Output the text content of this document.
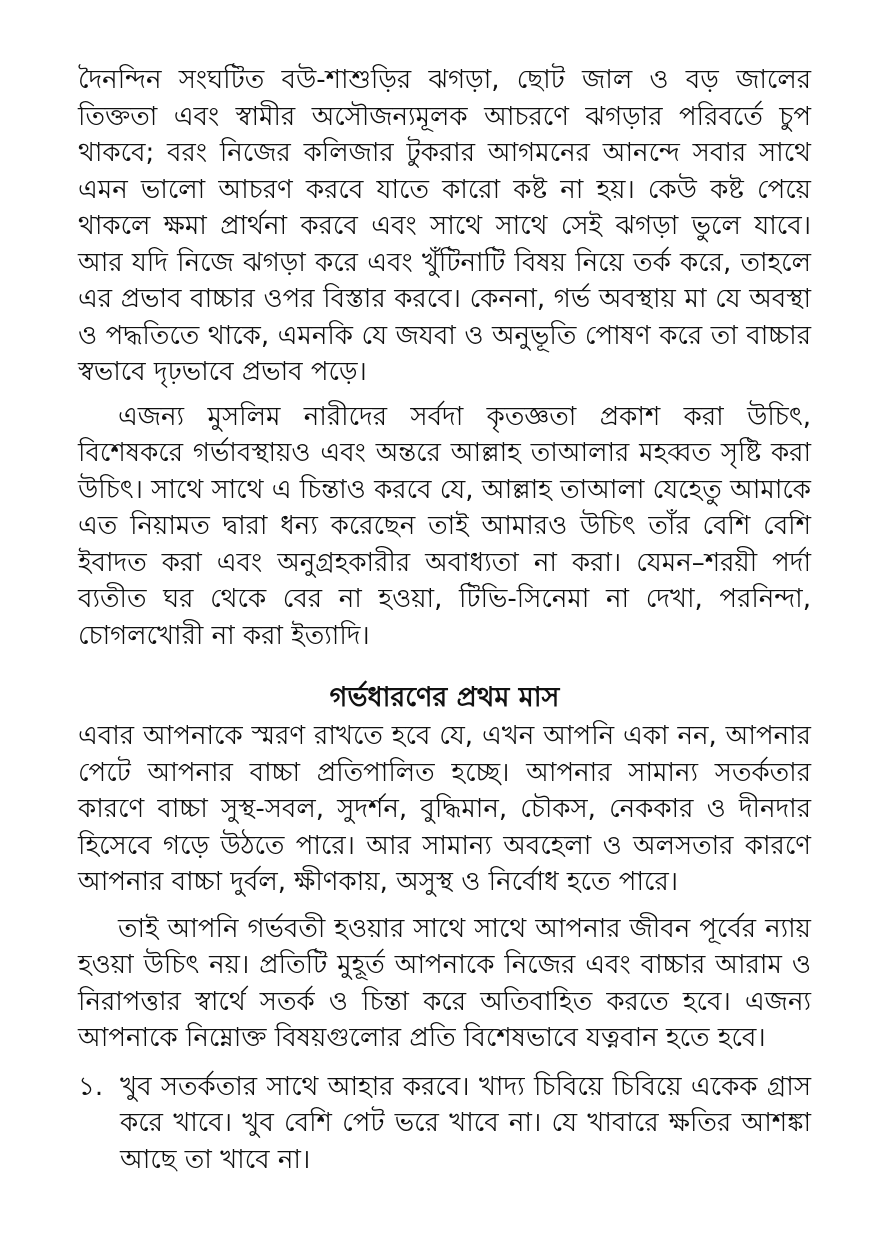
দৈনন্দিন সংঘটিত বউ-শাশুড়ির ঝগড়া, ছোট জাল ও বড় জালের তিক্ততা এবং স্বামীর অসৌজন্যমূলক আচরণে ঝগড়ার পরিবর্তে চুপ থাকবে; বরং নিজের কলিজার টুকরার আগমনের আনন্দে সবার সাথে এমন ভালো আচরণ করবে যাতে কারো কষ্ট না হয়। কেউ কষ্ট পেয়ে থাকলে ক্ষমা প্রার্থনা করবে এবং সাথে সাথে সেই ঝগড়া ভুলে যাবে। আর যদি নিজে ঝগড়া করে এবং খুঁটিনাটি বিষয় নিয়ে তর্ক করে, তাহলে এর প্রভাব বাচ্চার ওপর বিস্তার করবে। কেননা, গর্ভ অবস্থায় মা যে অবস্থা ও পদ্ধতিতে থাকে, এমনকি যে জযবা ও অনুভূতি পোষণ করে তা বাচ্চার স্বভাবে দৃঢ়ভাবে প্রভাব পড়ে।

এজন্য মুসলিম নারীদের সর্বদা কৃতজ্ঞতা প্রকাশ করা উচিৎ, বিশেষকরে গর্ভাবস্থায়ও এবং অন্তরে আল্লাহ তাআলার মহব্বত সৃষ্টি করা উচিৎ। সাথে সাথে এ চিন্তাও করবে যে, আল্লাহ তাআলা যেহেতু আমাকে এত নিয়ামত দ্বারা ধন্য করেছেন তাই আমারও উচিৎ তাঁর বেশি বেশি ইবাদত করা এবং অনুগ্রহকারীর অবাধ্যতা না করা। যেমন–শরয়ী পর্দা ব্যতীত ঘর থেকে বের না হওয়া, টিভি-সিনেমা না দেখা, পরনিন্দা, চোগলখোরী না করা ইত্যাদি।

গর্ভধারণের প্রথম মাস

এবার আপনাকে স্মরণ রাখতে হবে যে, এখন আপনি একা নন, আপনার পেটে আপনার বাচ্চা প্রতিপালিত হচ্ছে। আপনার সামান্য সতর্কতার কারণে বাচ্চা সুস্থ-সবল, সুদর্শন, বুদ্ধিমান, চৌকস, নেককার ও দীনদার হিসেবে গড়ে উঠতে পারে। আর সামান্য অবহেলা ও অলসতার কারণে আপনার বাচ্চা দুর্বল, ক্ষীণকায়, অসুস্থ ও নির্বোধ হতে পারে।

তাই আপনি গর্ভবতী হওয়ার সাথে সাথে আপনার জীবন পূর্বের ন্যায় হওয়া উচিৎ নয়। প্রতিটি মুহূর্ত আপনাকে নিজের এবং বাচ্চার আরাম ও নিরাপত্তার স্বার্থে সতর্ক ও চিন্তা করে অতিবাহিত করতে হবে। এজন্য আপনাকে নিম্নোক্ত বিষয়গুলোর প্রতি বিশেষভাবে যত্নবান হতে হবে।

১. খুব সতর্কতার সাথে আহার করবে। খাদ্য চিবিয়ে চিবিয়ে একেক গ্রাস করে খাবে। খুব বেশি পেট ভরে খাবে না। যে খাবারে ক্ষতির আশঙ্কা আছে তা খাবে না।
